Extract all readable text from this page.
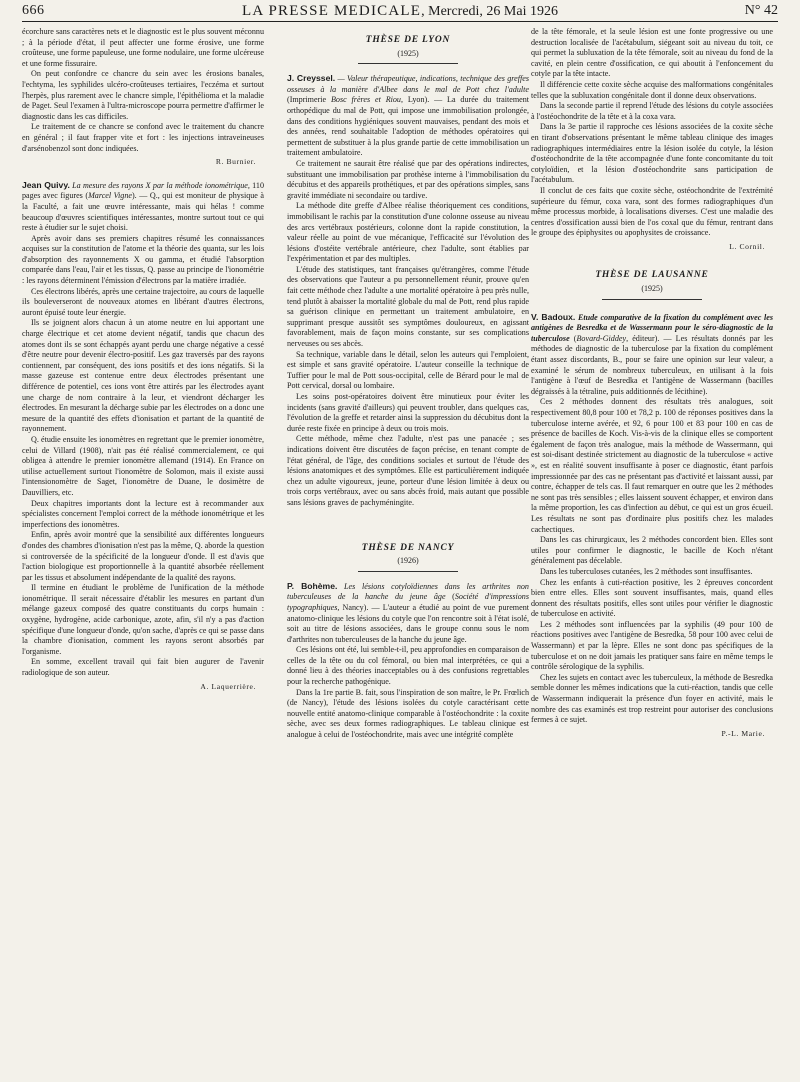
666	LA PRESSE MEDICALE, Mercredi, 26 Mai 1926	N° 42

écorchure sans caractères nets et le diagnostic est le plus souvent méconnu ; à la période d'état, il peut affecter une forme érosive, une forme croûteuse, une forme papuleuse, une forme nodulaire, une forme ulcéreuse et une forme fissuraire.

On peut confondre ce chancre du sein avec les érosions banales, l'echtyma, les syphilides ulcéro-croûteuses tertiaires, l'eczéma et surtout l'herpès, plus rarement avec le chancre simple, l'épithélioma et la maladie de Paget. Seul l'examen à l'ultra-microscope pourra permettre d'affirmer le diagnostic dans les cas difficiles.

Le traitement de ce chancre se confond avec le traitement du chancre en général ; il faut frapper vite et fort : les injections intraveineuses d'arsénobenzol sont donc indiquées.

R. Burnier.

Jean Quivy. La mesure des rayons X par la méthode ionométrique, 110 pages avec figures (Marcel Vigne). — Q., qui est moniteur de physique à la Faculté, a fait une œuvre intéressante, mais qui hélas ! comme beaucoup d'œuvres scientifiques intéressantes, montre surtout tout ce qui reste à étudier sur le sujet choisi.

Après avoir dans ses premiers chapitres résumé les connaissances acquises sur la constitution de l'atome et la théorie des quanta, sur les lois d'absorption des rayonnements X ou gamma, et étudié l'absorption comparée dans l'eau, l'air et les tissus, Q. passe au principe de l'ionométrie : les rayons déterminent l'émission d'électrons par la matière irradiée.

Ces électrons libérés, après une certaine trajectoire, au cours de laquelle ils bouleverseront de nouveaux atomes en libérant d'autres électrons, auront épuisé toute leur énergie.

Ils se joignent alors chacun à un atome neutre en lui apportant une charge électrique et cet atome devient négatif, tandis que chacun des atomes dont ils se sont échappés ayant perdu une charge négative a cessé d'être neutre pour devenir électro-positif. Les gaz traversés par des rayons contiennent, par conséquent, des ions positifs et des ions négatifs. Si la masse gazeuse est contenue entre deux électrodes présentant une différence de potentiel, ces ions vont être attirés par les électrodes ayant une charge de nom contraire à la leur, et viendront décharger les électrodes. En mesurant la décharge subie par les électrodes on a donc une mesure de la quantité des effets d'ionisation et partant de la quantité de rayonnement.

Q. étudie ensuite les ionomètres en regrettant que le premier ionomètre, celui de Villard (1908), n'ait pas été réalisé commercialement, ce qui obligea à attendre le premier ionomètre allemand (1914). En France on utilise actuellement surtout l'ionomètre de Solomon, mais il existe aussi l'intensionomètre de Saget, l'ionomètre de Duane, le dosimètre de Dauvilliers, etc.

Deux chapitres importants dont la lecture est à recommander aux spécialistes concernent l'emploi correct de la méthode ionométrique et les imperfections des ionomètres.

Enfin, après avoir montré que la sensibilité aux différentes longueurs d'ondes des chambres d'ionisation n'est pas la même, Q. aborde la question si controversée de la spécificité de la longueur d'onde. Il est d'avis que l'action biologique est proportionnelle à la quantité absorbée réellement par les tissus et absolument indépendante de la qualité des rayons.

Il termine en étudiant le problème de l'unification de la méthode ionométrique. Il serait nécessaire d'établir les mesures en partant d'un mélange gazeux composé des quatre constituants du corps humain : oxygène, hydrogène, acide carbonique, azote, afin, s'il n'y a pas d'action spécifique d'une longueur d'onde, qu'on sache, d'après ce qui se passe dans la chambre d'ionisation, comment les rayons seront absorbés par l'organisme.

En somme, excellent travail qui fait bien augurer de l'avenir radiologique de son auteur.

A. Laquerrière.
THÈSE DE LYON
(1925)

J. Creyssel. — Valeur thérapeutique, indications, technique des greffes osseuses à la manière d'Albee dans le mal de Pott chez l'adulte (Imprimerie Bosc frères et Riou, Lyon). — La durée du traitement orthopédique du mal de Pott, qui impose une immobilisation prolongée, dans des conditions hygiéniques souvent mauvaises, pendant des mois et des années, rend souhaitable l'adoption de méthodes opératoires qui permettent de substituer à la plus grande partie de cette immobilisation un traitement ambulatoire.

Ce traitement ne saurait être réalisé que par des opérations indirectes, substituant une immobilisation par prothèse interne à l'immobilisation du décubitus et des appareils prothétiques, et par des opérations simples, sans gravité immédiate ni secondaire ou tardive.

La méthode dite greffe d'Albee réalise théoriquement ces conditions, immobilisant le rachis par la constitution d'une colonne osseuse au niveau des arcs vertébraux postérieurs, colonne dont la rapide constitution, la valeur réelle au point de vue mécanique, l'efficacité sur l'évolution des lésions d'ostéite vertébrale antérieure, chez l'adulte, sont établies par l'expérimentation et par des multiples.

L'étude des statistiques, tant françaises qu'étrangères, comme l'étude des observations que l'auteur a pu personnellement réunir, prouve qu'en fait cette méthode chez l'adulte a une mortalité opératoire à peu près nulle, tend plutôt à abaisser la mortalité globale du mal de Pott, rend plus rapide sa guérison clinique en permettant un traitement ambulatoire, en supprimant presque aussitôt ses symptômes douloureux, en agissant favorablement, mais de façon moins constante, sur ses complications nerveuses ou ses abcès.

Sa technique, variable dans le détail, selon les auteurs qui l'emploient, est simple et sans gravité opératoire. L'auteur conseille la technique de Tuffier pour le mal de Pott sous-occipital, celle de Bérard pour le mal de Pott cervical, dorsal ou lombaire.

Les soins post-opératoires doivent être minutieux pour éviter les incidents (sans gravité d'ailleurs) qui peuvent troubler, dans quelques cas, l'évolution de la greffe et retarder ainsi la suppression du décubitus dont la durée reste fixée en principe à deux ou trois mois.

Cette méthode, même chez l'adulte, n'est pas une panacée ; ses indications doivent être discutées de façon précise, en tenant compte de l'état général, de l'âge, des conditions sociales et surtout de l'étude des lésions anatomiques et des symptômes. Elle est particulièrement indiquée chez un adulte vigoureux, jeune, porteur d'une lésion limitée à deux ou trois corps vertébraux, avec ou sans abcès froid, mais autant que possible sans lésions graves de pachyméningite.

THÈSE DE NANCY
(1926)

P. Bohème. Les lésions cotyloïdiennes dans les arthrites non tuberculeuses de la hanche du jeune âge (Société d'impressions typographiques, Nancy). — L'auteur a étudié au point de vue purement anatomo-clinique les lésions du cotyle que l'on rencontre soit à l'état isolé, soit au titre de lésions associées, dans le groupe connu sous le nom d'arthrites non tuberculeuses de la hanche du jeune âge.

Ces lésions ont été, lui semble-t-il, peu approfondies en comparaison de celles de la tête ou du col fémoral, ou bien mal interprétées, ce qui a donné lieu à des théories inacceptables ou à des confusions regrettables pour la recherche pathogénique.

Dans la 1re partie B. fait, sous l'inspiration de son maître, le Pr. Frœlich (de Nancy), l'étude des lésions isolées du cotyle caractérisant cette nouvelle entité anatomo-clinique comparable à l'ostéochondrite : la coxite sèche, avec ses deux formes radiographiques. Le tableau clinique est analogue à celui de l'ostéochondrite, mais avec une intégrité complète

de la tête fémorale, et la seule lésion est une fonte progressive ou une destruction localisée de l'acétabulum, siégeant soit au niveau du toit, ce qui permet la subluxation de la tête fémorale, soit au niveau du fond de la cavité, en plein centre d'ossification, ce qui aboutit à l'enfoncement du cotyle par la tête intacte.

Il différencie cette coxite sèche acquise des malformations congénitales telles que la subluxation congénitale dont il donne deux observations.

Dans la seconde partie il reprend l'étude des lésions du cotyle associées à l'ostéochondrite de la tête et à la coxa vara.

Dans la 3e partie il rapproche ces lésions associées de la coxite sèche en tirant d'observations présentant le même tableau clinique des images radiographiques intermédiaires entre la lésion isolée du cotyle, la lésion d'ostéochondrite de la tête accompagnée d'une fonte concomitante du toit cotyloïdien, et la lésion d'ostéochondrite sans participation de l'acétabulum.

Il conclut de ces faits que coxite sèche, ostéochondrite de l'extrémité supérieure du fémur, coxa vara, sont des formes radiographiques d'un même processus morbide, à localisations diverses. C'est une maladie des centres d'ossification aussi bien de l'os coxal que du fémur, rentrant dans le groupe des épiphysites ou apophysites de croissance.

L. Cornil.
THÈSE DE LAUSANNE
(1925)

V. Badoux. Etude comparative de la fixation du complément avec les antigènes de Besredka et de Wassermann pour le séro-diagnostic de la tuberculose (Bovard-Giddey, éditeur). — Les résultats donnés par les méthodes de diagnostic de la tuberculose par la fixation du complément étant assez discordants, B., pour se faire une opinion sur leur valeur, a examiné le sérum de nombreux tuberculeux, en utilisant à la fois l'antigène à l'œuf de Besredka et l'antigène de Wassermann (bacilles dégraissés à la tétraline, puis additionnés de lécithine).

Ces 2 méthodes donnent des résultats très analogues, soit respectivement 80,8 pour 100 et 78,2 p. 100 de réponses positives dans la tuberculose interne avérée, et 92, 6 pour 100 et 83 pour 100 en cas de présence de bacilles de Koch. Vis-à-vis de la clinique elles se comportent également de façon très analogue, mais la méthode de Wassermann, qui est soi-disant destinée strictement au diagnostic de la tuberculose « active », est en réalité souvent insuffisante à poser ce diagnostic, étant parfois impressionnée par des cas ne présentant pas d'activité et laissant aussi, par contre, échapper de tels cas. Il faut remarquer en outre que les 2 méthodes ne sont pas très sensibles ; elles laissent souvent échapper, et environ dans la même proportion, les cas d'infection au début, ce qui est un gros écueil. Les résultats ne sont pas d'ordinaire plus positifs chez les malades cachectiques.

Dans les cas chirurgicaux, les 2 méthodes concordent bien. Elles sont utiles pour confirmer le diagnostic, le bacille de Koch n'étant généralement pas décelable.

Dans les tuberculoses cutanées, les 2 méthodes sont insuffisantes.

Chez les enfants à cuti-réaction positive, les 2 épreuves concordent bien entre elles. Elles sont souvent insuffisantes, mais, quand elles donnent des résultats positifs, elles sont utiles pour vérifier le diagnostic de tuberculose en activité.

Les 2 méthodes sont influencées par la syphilis (49 pour 100 de réactions positives avec l'antigène de Besredka, 58 pour 100 avec celui de Wassermann) et par la lèpre. Elles ne sont donc pas spécifiques de la tuberculose et on ne doit jamais les pratiquer sans faire en même temps le contrôle sérologique de la syphilis.

Chez les sujets en contact avec les tuberculeux, la méthode de Besredka semble donner les mêmes indications que la cuti-réaction, tandis que celle de Wassermann indiquerait la présence d'un foyer en activité, mais le nombre des cas examinés est trop restreint pour autoriser des conclusions fermes à ce sujet.

P.-L. Marie.
